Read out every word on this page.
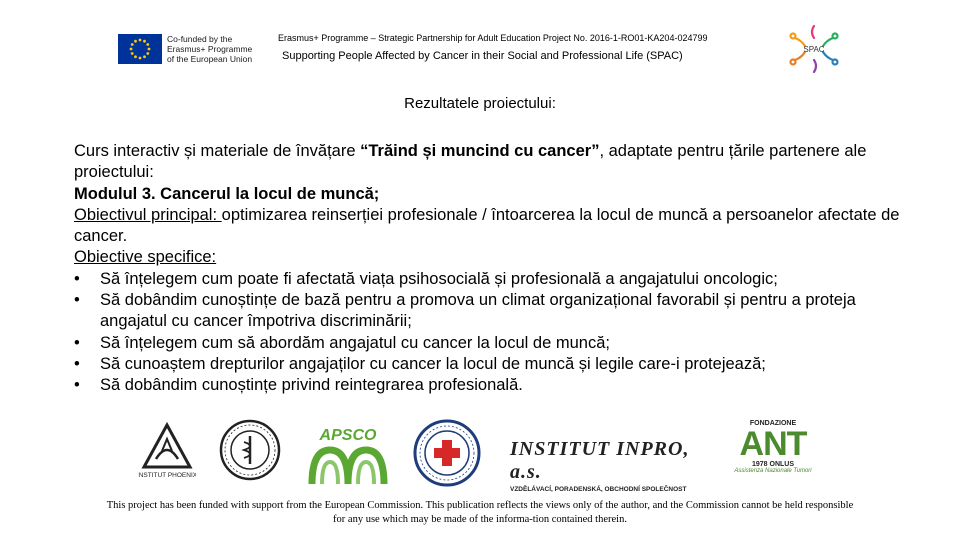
Co-funded by the
Erasmus+ Programme
of the European Union
Erasmus+ Programme – Strategic Partnership for Adult Education Project No. 2016-1-RO01-KA204-024799
Supporting People Affected by Cancer in their Social and Professional Life (SPAC)
SPAC
Rezultatele proiectului:

Curs interactiv și materiale de învățare “Trăind și muncind cu cancer”, adaptate pentru țările partenere ale proiectului:

Modulul 3. Cancerul la locul de muncă;

Obiectivul principal: optimizarea reinserției profesionale / întoarcerea la locul de muncă a persoanelor afectate de cancer.

Obiective specifice:

• Să înțelegem cum poate fi afectată viața psihosocială și profesională a angajatului oncologic;
• Să dobândim cunoștințe de bază pentru a promova un climat organizațional favorabil și pentru a proteja angajatul cu cancer împotriva discriminării;
• Să înțelegem cum să abordăm angajatul cu cancer la locul de muncă;
• Să cunoaștem drepturilor angajaților cu cancer la locul de muncă și legile care-i protejează;
• Să dobândim cunoștințe privind reintegrarea profesională.
INSTITUT PHOENIX
APSCO
INSTITUT INPRO, a.s.
VZDĚLÁVACÍ, PORADENSKÁ, OBCHODNÍ SPOLEČNOST
FONDAZIONE
ANT
1978 ONLUS
Assistenza Nazionale Tumori
This project has been funded with support from the European Commission. This publication reflects the views only of the author, and the Commission cannot be held responsible for any use which may be made of the informa-tion contained therein.
